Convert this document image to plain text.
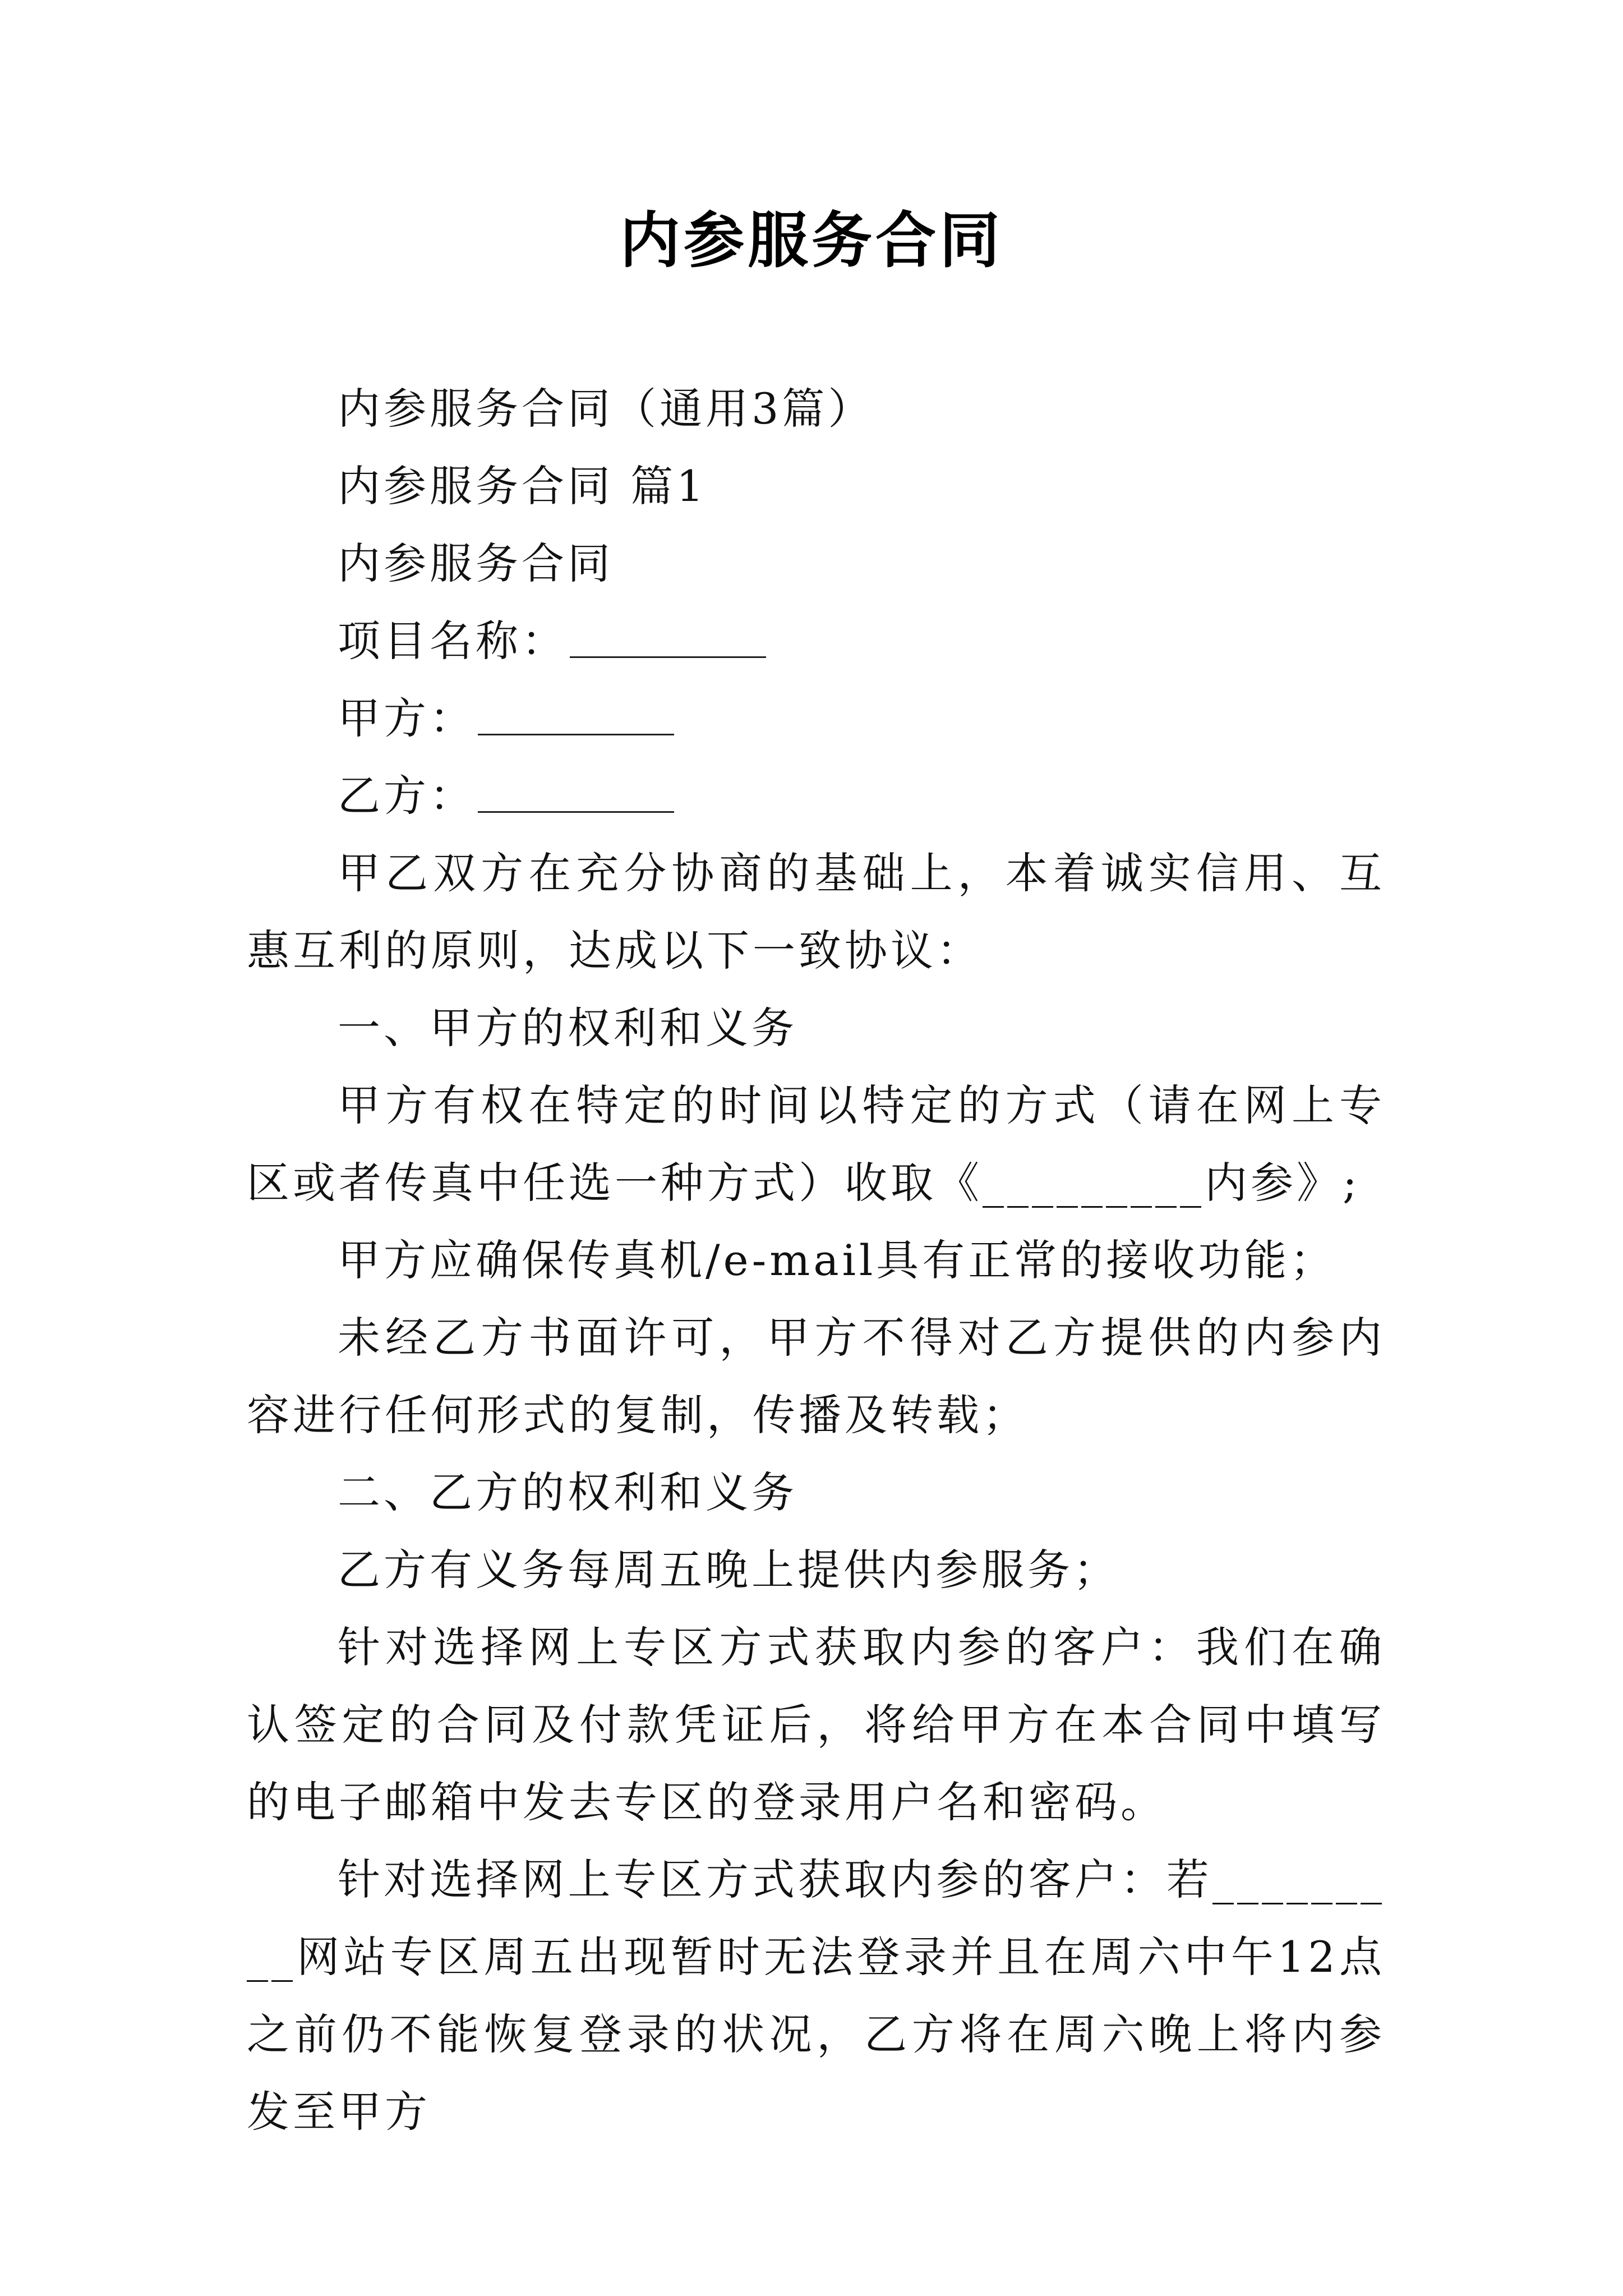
内参服务合同

内参服务合同（通用3篇）

内参服务合同 篇1

内参服务合同

项目名称：

甲方：

乙方：

甲乙双方在充分协商的基础上，本着诚实信用、互惠互利的原则，达成以下一致协议：

一、甲方的权利和义务

甲方有权在特定的时间以特定的方式（请在网上专区或者传真中任选一种方式）收取《_________内参》;

甲方应确保传真机/e-mail具有正常的接收功能；

未经乙方书面许可，甲方不得对乙方提供的内参内容进行任何形式的复制，传播及转载；

二、乙方的权利和义务

乙方有义务每周五晚上提供内参服务；

针对选择网上专区方式获取内参的客户：我们在确认签定的合同及付款凭证后，将给甲方在本合同中填写的电子邮箱中发去专区的登录用户名和密码。

针对选择网上专区方式获取内参的客户：若_________网站专区周五出现暂时无法登录并且在周六中午12点之前仍不能恢复登录的状况，乙方将在周六晚上将内参发至甲方
